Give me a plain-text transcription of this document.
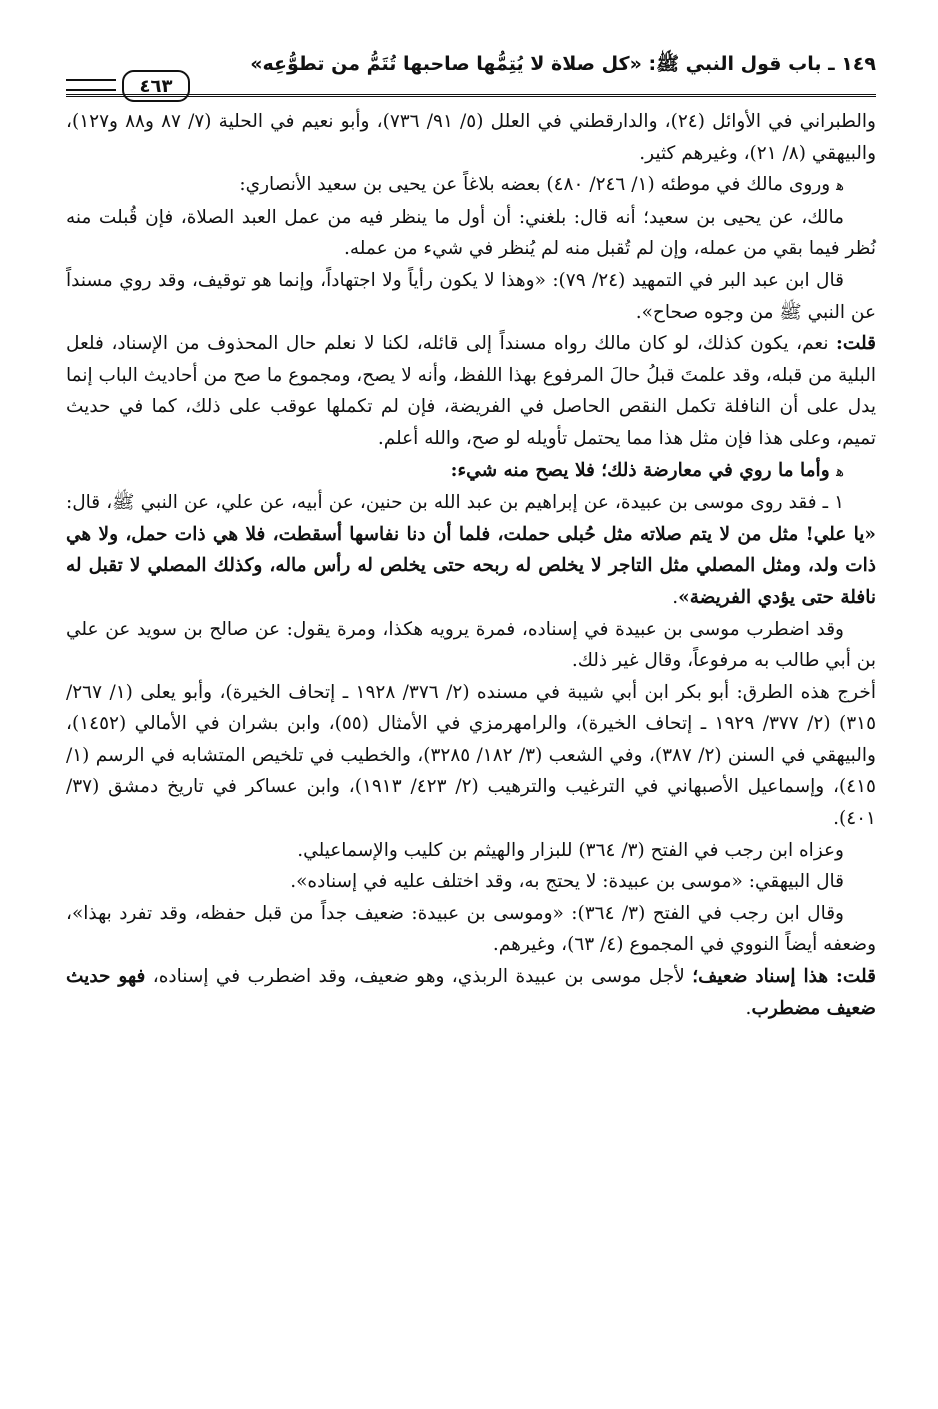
١٤٩ ـ باب قول النبي ﷺ: «كل صلاة لا يُتِمُّها صاحبها تُتَمُّ من تطوُّعِه»
٤٦٣

والطبراني في الأوائل (٢٤)، والدارقطني في العلل (٥/ ٩١/ ٧٣٦)، وأبو نعيم في الحلية (٧/ ٨٧ و٨٨ و١٢٧)، والبيهقي (٨/ ٢١)، وغيرهم كثير.

ﻫ وروى مالك في موطئه (١/ ٢٤٦/ ٤٨٠) بعضه بلاغاً عن يحيى بن سعيد الأنصاري:

مالك، عن يحيى بن سعيد؛ أنه قال: بلغني: أن أول ما ينظر فيه من عمل العبد الصلاة، فإن قُبلت منه نُظر فيما بقي من عمله، وإن لم تُقبل منه لم يُنظر في شيء من عمله.

قال ابن عبد البر في التمهيد (٢٤/ ٧٩): «وهذا لا يكون رأياً ولا اجتهاداً، وإنما هو توقيف، وقد روي مسنداً عن النبي ﷺ من وجوه صحاح».

قلت: نعم، يكون كذلك، لو كان مالك رواه مسنداً إلى قائله، لكنا لا نعلم حال المحذوف من الإسناد، فلعل البلية من قبله، وقد علمتَ قبلُ حالَ المرفوع بهذا اللفظ، وأنه لا يصح، ومجموع ما صح من أحاديث الباب إنما يدل على أن النافلة تكمل النقص الحاصل في الفريضة، فإن لم تكملها عوقب على ذلك، كما في حديث تميم، وعلى هذا فإن مثل هذا مما يحتمل تأويله لو صح، والله أعلم.

ﻫ وأما ما روي في معارضة ذلك؛ فلا يصح منه شيء:

١ ـ فقد روى موسى بن عبيدة، عن إبراهيم بن عبد الله بن حنين، عن أبيه، عن علي، عن النبي ﷺ، قال: «يا علي! مثل من لا يتم صلاته مثل حُبلى حملت، فلما أن دنا نفاسها أسقطت، فلا هي ذات حمل، ولا هي ذات ولد، ومثل المصلي مثل التاجر لا يخلص له ربحه حتى يخلص له رأس ماله، وكذلك المصلي لا تقبل له نافلة حتى يؤدي الفريضة».

وقد اضطرب موسى بن عبيدة في إسناده، فمرة يرويه هكذا، ومرة يقول: عن صالح بن سويد عن علي بن أبي طالب به مرفوعاً، وقال غير ذلك.

أخرج هذه الطرق: أبو بكر ابن أبي شيبة في مسنده (٢/ ٣٧٦/ ١٩٢٨ ـ إتحاف الخيرة)، وأبو يعلى (١/ ٢٦٧/ ٣١٥) (٢/ ٣٧٧/ ١٩٢٩ ـ إتحاف الخيرة)، والرامهرمزي في الأمثال (٥٥)، وابن بشران في الأمالي (١٤٥٢)، والبيهقي في السنن (٢/ ٣٨٧)، وفي الشعب (٣/ ١٨٢/ ٣٢٨٥)، والخطيب في تلخيص المتشابه في الرسم (١/ ٤١٥)، وإسماعيل الأصبهاني في الترغيب والترهيب (٢/ ٤٢٣/ ١٩١٣)، وابن عساكر في تاريخ دمشق (٣٧/ ٤٠١).

وعزاه ابن رجب في الفتح (٣/ ٣٦٤) للبزار والهيثم بن كليب والإسماعيلي.

قال البيهقي: «موسى بن عبيدة: لا يحتج به، وقد اختلف عليه في إسناده».

وقال ابن رجب في الفتح (٣/ ٣٦٤): «وموسى بن عبيدة: ضعيف جداً من قبل حفظه، وقد تفرد بهذا»، وضعفه أيضاً النووي في المجموع (٤/ ٦٣)، وغيرهم.

قلت: هذا إسناد ضعيف؛ لأجل موسى بن عبيدة الربذي، وهو ضعيف، وقد اضطرب في إسناده، فهو حديث ضعيف مضطرب.
